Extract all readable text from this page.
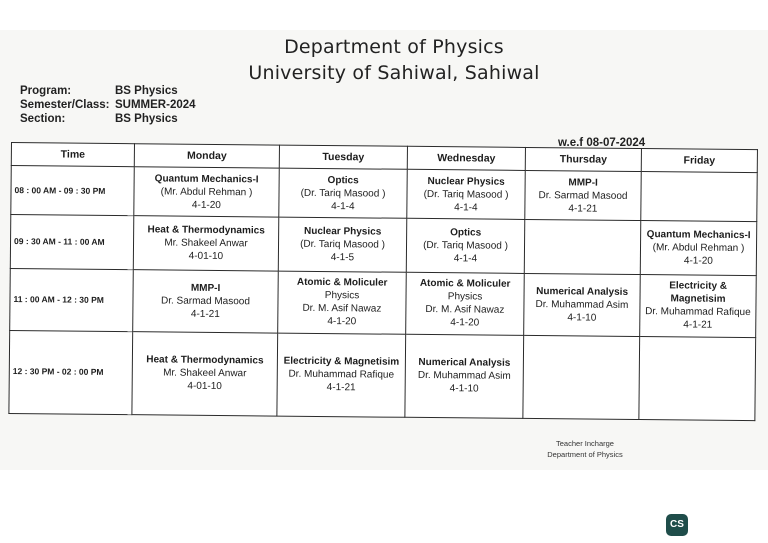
Department of Physics
University of Sahiwal, Sahiwal
Program:	BS Physics
Semester/Class: SUMMER-2024
Section:	BS Physics
w.e.f 08-07-2024
Time	Monday	Tuesday	Wednesday	Thursday	Friday
08 : 00 AM - 09 : 30 PM	Quantum Mechanics-I
(Mr. Abdul Rehman )
4-1-20	Optics
(Dr. Tariq Masood )
4-1-4	Nuclear Physics
(Dr. Tariq Masood )
4-1-4	MMP-I
Dr. Sarmad Masood
4-1-21	

09 : 30 AM - 11 : 00 AM	Heat & Thermodynamics
Mr. Shakeel Anwar
4-01-10	Nuclear Physics
(Dr. Tariq Masood )
4-1-5	Optics
(Dr. Tariq Masood )
4-1-4		Quantum Mechanics-I
(Mr. Abdul Rehman )
4-1-20

11 : 00 AM - 12 : 30 PM	MMP-I
Dr. Sarmad Masood
4-1-21	Atomic & Moliculer
Physics
Dr. M. Asif Nawaz
4-1-20	Atomic & Moliculer
Physics
Dr. M. Asif Nawaz
4-1-20	Numerical Analysis
Dr. Muhammad Asim
4-1-10	Electricity & Magnetisim
Dr. Muhammad Rafique
4-1-21

12 : 30 PM - 02 : 00 PM	Heat & Thermodynamics
Mr. Shakeel Anwar
4-01-10	Electricity & Magnetisim
Dr. Muhammad Rafique
4-1-21	Numerical Analysis
Dr. Muhammad Asim
4-1-10		

Teacher Incharge
Department of Physics
CS
